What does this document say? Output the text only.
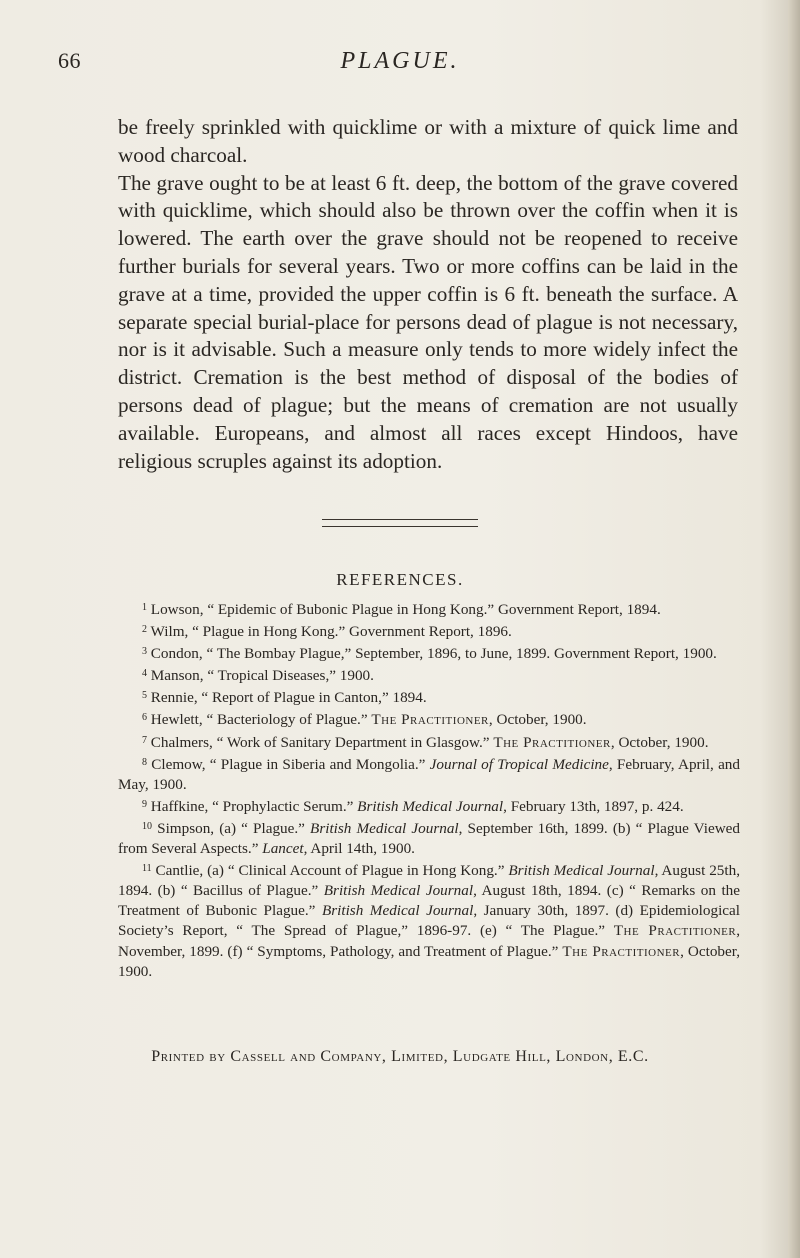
66	PLAGUE.

be freely sprinkled with quicklime or with a mixture of quick lime and wood charcoal.

The grave ought to be at least 6 ft. deep, the bottom of the grave covered with quicklime, which should also be thrown over the coffin when it is lowered. The earth over the grave should not be reopened to receive further burials for several years. Two or more coffins can be laid in the grave at a time, provided the upper coffin is 6 ft. beneath the surface. A separate special burial-place for persons dead of plague is not necessary, nor is it advisable. Such a measure only tends to more widely infect the district. Cremation is the best method of disposal of the bodies of persons dead of plague; but the means of cremation are not usually available. Europeans, and almost all races except Hindoos, have religious scruples against its adoption.

REFERENCES.

$^1$ Lowson, “ Epidemic of Bubonic Plague in Hong Kong.” Government Report, 1894.

$^2$ Wilm, “ Plague in Hong Kong.” Government Report, 1896.

$^3$ Condon, “ The Bombay Plague,” September, 1896, to June, 1899. Government Report, 1900.

$^4$ Manson, “ Tropical Diseases,” 1900.

$^5$ Rennie, “ Report of Plague in Canton,” 1894.

$^6$ Hewlett, “ Bacteriology of Plague.” The Practitioner, October, 1900.

$^7$ Chalmers, “ Work of Sanitary Department in Glasgow.” The Practitioner, October, 1900.

$^8$ Clemow, “ Plague in Siberia and Mongolia.” Journal of Tropical Medicine, February, April, and May, 1900.

$^9$ Haffkine, “ Prophylactic Serum.” British Medical Journal, February 13th, 1897, p. 424.

$^{10}$ Simpson, (a) “ Plague.” British Medical Journal, September 16th, 1899. (b) “ Plague Viewed from Several Aspects.” Lancet, April 14th, 1900.

$^{11}$ Cantlie, (a) “ Clinical Account of Plague in Hong Kong.” British Medical Journal, August 25th, 1894. (b) “ Bacillus of Plague.” British Medical Journal, August 18th, 1894. (c) “ Remarks on the Treatment of Bubonic Plague.” British Medical Journal, January 30th, 1897. (d) Epidemiological Society’s Report, “ The Spread of Plague,” 1896-97. (e) “ The Plague.” The Practitioner, November, 1899. (f) “ Symptoms, Pathology, and Treatment of Plague.” The Practitioner, October, 1900.

Printed by Cassell and Company, Limited, Ludgate Hill, London, E.C.
